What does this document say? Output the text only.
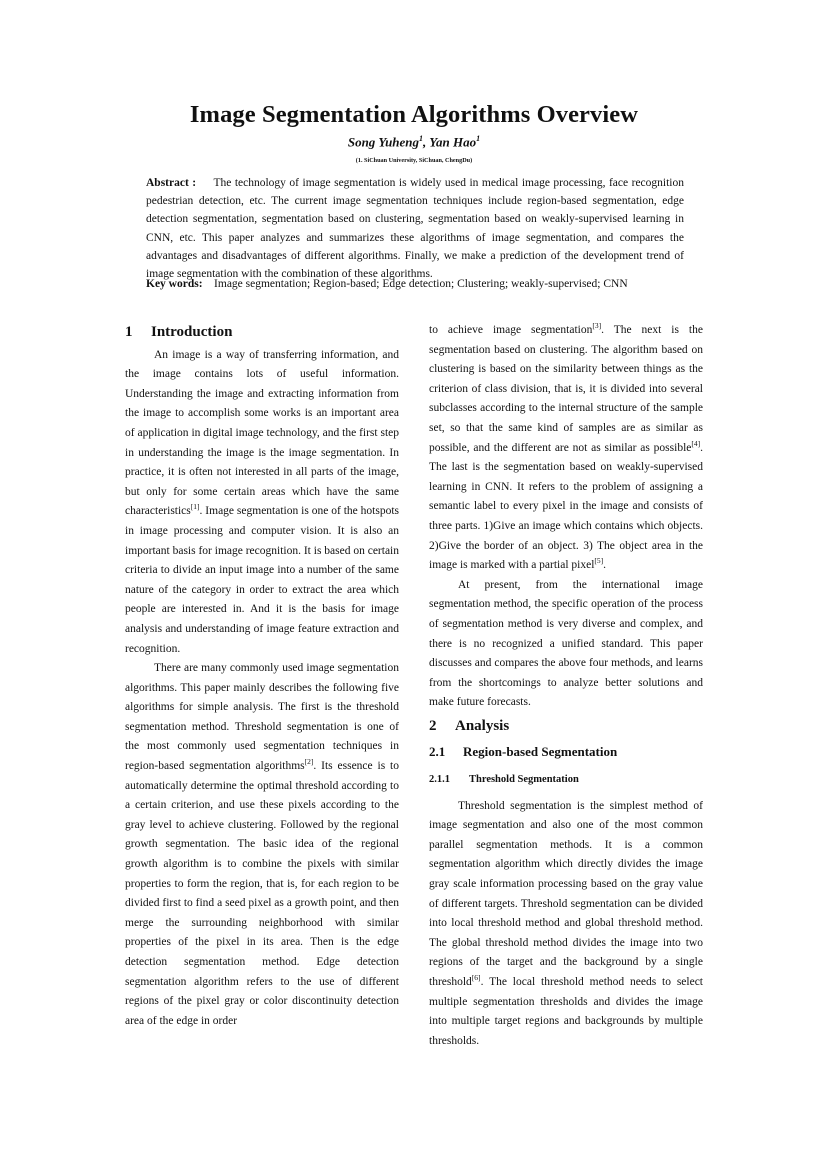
Image Segmentation Algorithms Overview
Song Yuheng$^1$, Yan Hao$^1$
(1. SiChuan University, SiChuan, ChengDu)
Abstract : The technology of image segmentation is widely used in medical image processing, face recognition pedestrian detection, etc. The current image segmentation techniques include region-based segmentation, edge detection segmentation, segmentation based on clustering, segmentation based on weakly-supervised learning in CNN, etc. This paper analyzes and summarizes these algorithms of image segmentation, and compares the advantages and disadvantages of different algorithms. Finally, we make a prediction of the development trend of image segmentation with the combination of these algorithms.
Key words: Image segmentation; Region-based; Edge detection; Clustering; weakly-supervised; CNN
1 Introduction

An image is a way of transferring information, and the image contains lots of useful information. Understanding the image and extracting information from the image to accomplish some works is an important area of application in digital image technology, and the first step in understanding the image is the image segmentation. In practice, it is often not interested in all parts of the image, but only for some certain areas which have the same characteristics[1]. Image segmentation is one of the hotspots in image processing and computer vision. It is also an important basis for image recognition. It is based on certain criteria to divide an input image into a number of the same nature of the category in order to extract the area which people are interested in. And it is the basis for image analysis and understanding of image feature extraction and recognition.

There are many commonly used image segmentation algorithms. This paper mainly describes the following five algorithms for simple analysis. The first is the threshold segmentation method. Threshold segmentation is one of the most commonly used segmentation techniques in region-based segmentation algorithms[2]. Its essence is to automatically determine the optimal threshold according to a certain criterion, and use these pixels according to the gray level to achieve clustering. Followed by the regional growth segmentation. The basic idea of the regional growth algorithm is to combine the pixels with similar properties to form the region, that is, for each region to be divided first to find a seed pixel as a growth point, and then merge the surrounding neighborhood with similar properties of the pixel in its area. Then is the edge detection segmentation method. Edge detection segmentation algorithm refers to the use of different regions of the pixel gray or color discontinuity detection area of the edge in order

to achieve image segmentation[3]. The next is the segmentation based on clustering. The algorithm based on clustering is based on the similarity between things as the criterion of class division, that is, it is divided into several subclasses according to the internal structure of the sample set, so that the same kind of samples are as similar as possible, and the different are not as similar as possible[4]. The last is the segmentation based on weakly-supervised learning in CNN. It refers to the problem of assigning a semantic label to every pixel in the image and consists of three parts. 1)Give an image which contains which objects. 2)Give the border of an object. 3) The object area in the image is marked with a partial pixel[5].

At present, from the international image segmentation method, the specific operation of the process of segmentation method is very diverse and complex, and there is no recognized a unified standard. This paper discusses and compares the above four methods, and learns from the shortcomings to analyze better solutions and make future forecasts.

2 Analysis
2.1 Region-based Segmentation
2.1.1 Threshold Segmentation

Threshold segmentation is the simplest method of image segmentation and also one of the most common parallel segmentation methods. It is a common segmentation algorithm which directly divides the image gray scale information processing based on the gray value of different targets. Threshold segmentation can be divided into local threshold method and global threshold method. The global threshold method divides the image into two regions of the target and the background by a single threshold[6]. The local threshold method needs to select multiple segmentation thresholds and divides the image into multiple target regions and backgrounds by multiple thresholds.
